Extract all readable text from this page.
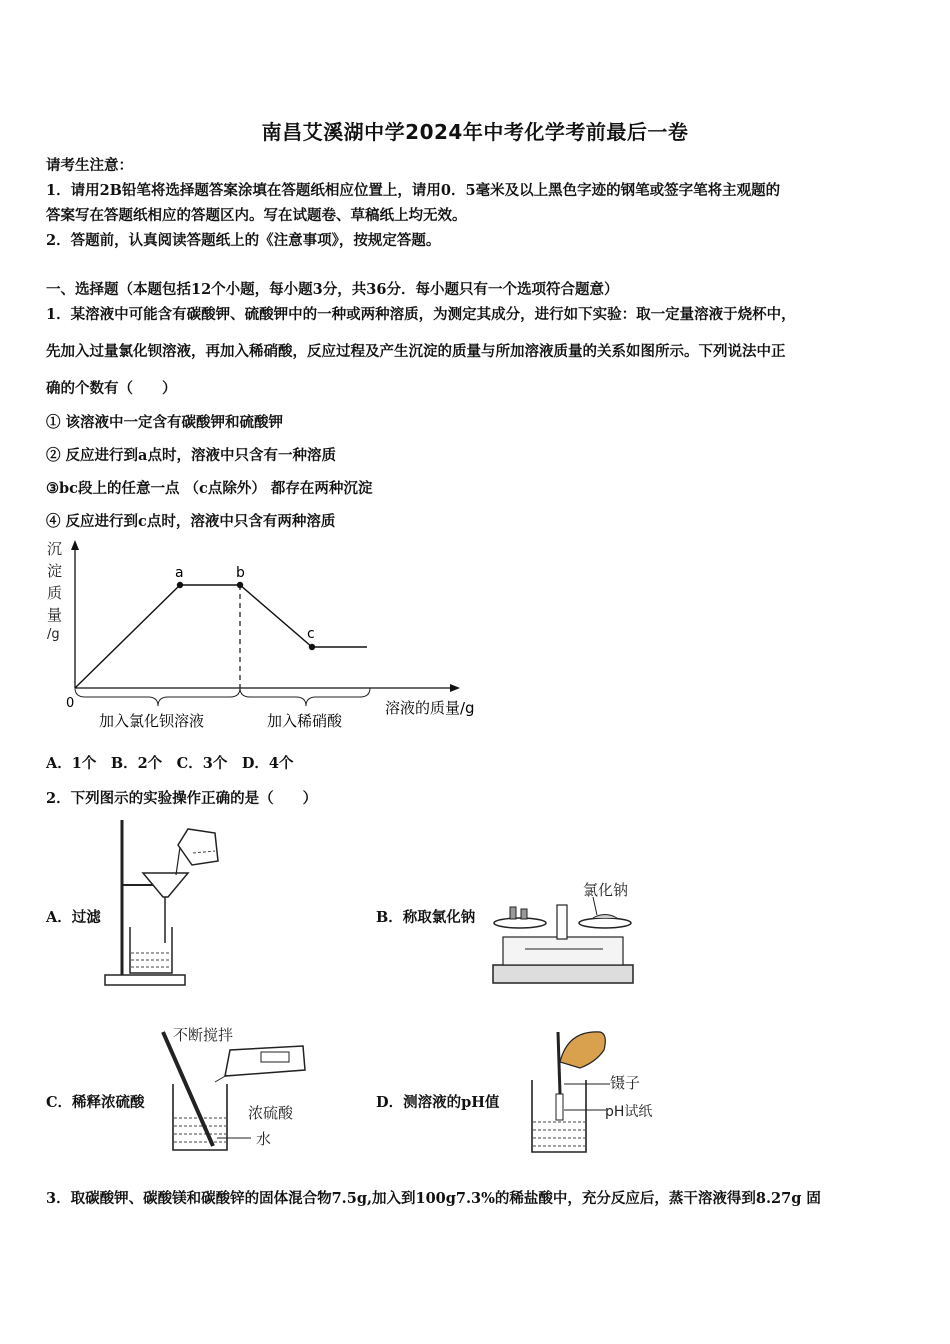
南昌艾溪湖中学2024年中考化学考前最后一卷
请考生注意：
1．请用2B铅笔将选择题答案涂填在答题纸相应位置上，请用0．5毫米及以上黑色字迹的钢笔或签字笔将主观题的
答案写在答题纸相应的答题区内。写在试题卷、草稿纸上均无效。
2．答题前，认真阅读答题纸上的《注意事项》，按规定答题。
一、选择题（本题包括12个小题，每小题3分，共36分．每小题只有一个选项符合题意）
1．某溶液中可能含有碳酸钾、硫酸钾中的一种或两种溶质，为测定其成分，进行如下实验：取一定量溶液于烧杯中，
先加入过量氯化钡溶液，再加入稀硝酸，反应过程及产生沉淀的质量与所加溶液质量的关系如图所示。下列说法中正
确的个数有（　　）
① 该溶液中一定含有碳酸钾和硫酸钾
② 反应进行到a点时，溶液中只含有一种溶质
③bc段上的任意一点 （c点除外） 都存在两种沉淀
④ 反应进行到c点时，溶液中只含有两种溶质
沉
淀
质
量
/g
0
a	b
c
溶液的质量/g
加入氯化钡溶液	加入稀硝酸
A．1个　B．2个　C．3个　D．4个
2．下列图示的实验操作正确的是（　　）
A．过滤	B．称取氯化钠
氯化钠
C．稀释浓硫酸
不断搅拌
浓硫酸
水
D．测溶液的pH值
镊子
pH试纸
3．取碳酸钾、碳酸镁和碳酸锌的固体混合物7.5g,加入到100g7.3%的稀盐酸中，充分反应后，蒸干溶液得到8.27g 固
